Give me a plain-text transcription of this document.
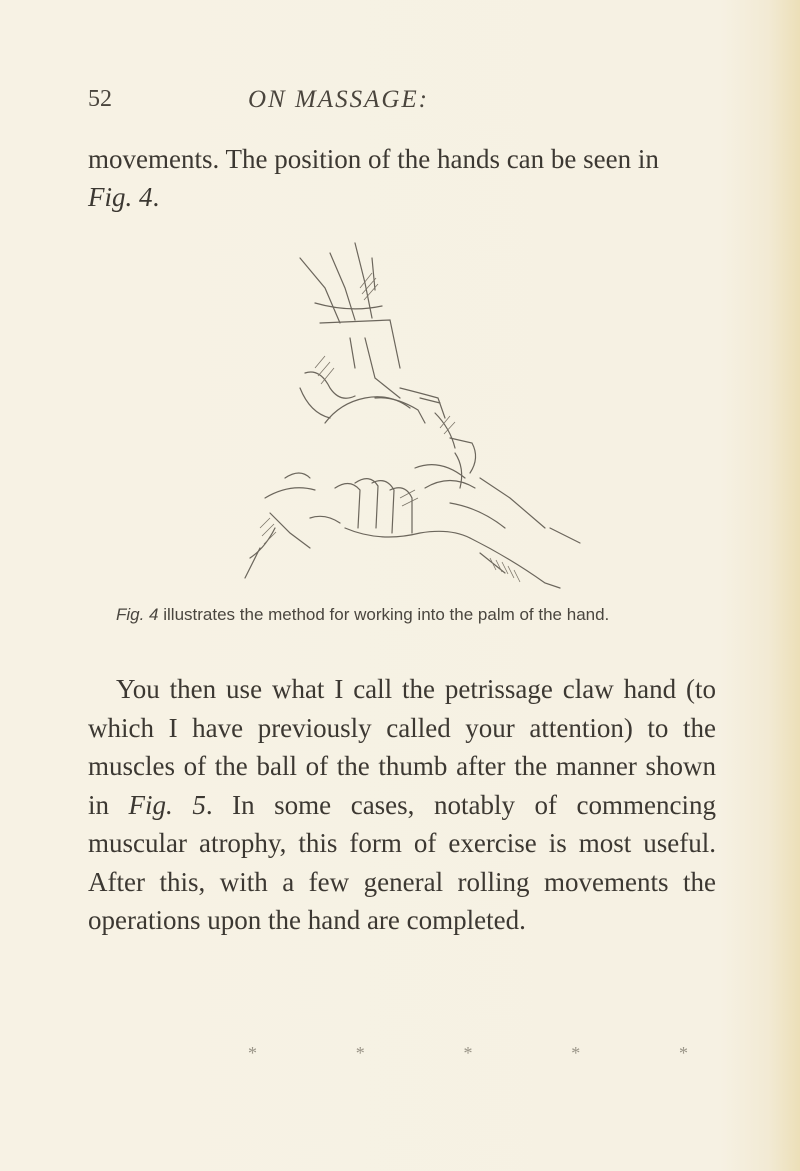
52	ON MASSAGE:

movements. The position of the hands can be seen in Fig. 4.

Fig. 4 illustrates the method for working into the palm of the hand.

You then use what I call the petrissage claw hand (to which I have previously called your attention) to the muscles of the ball of the thumb after the manner shown in Fig. 5. In some cases, notably of commencing muscular atrophy, this form of exercise is most useful. After this, with a few general rolling movements the operations upon the hand are completed.

*	*	*	*	*
